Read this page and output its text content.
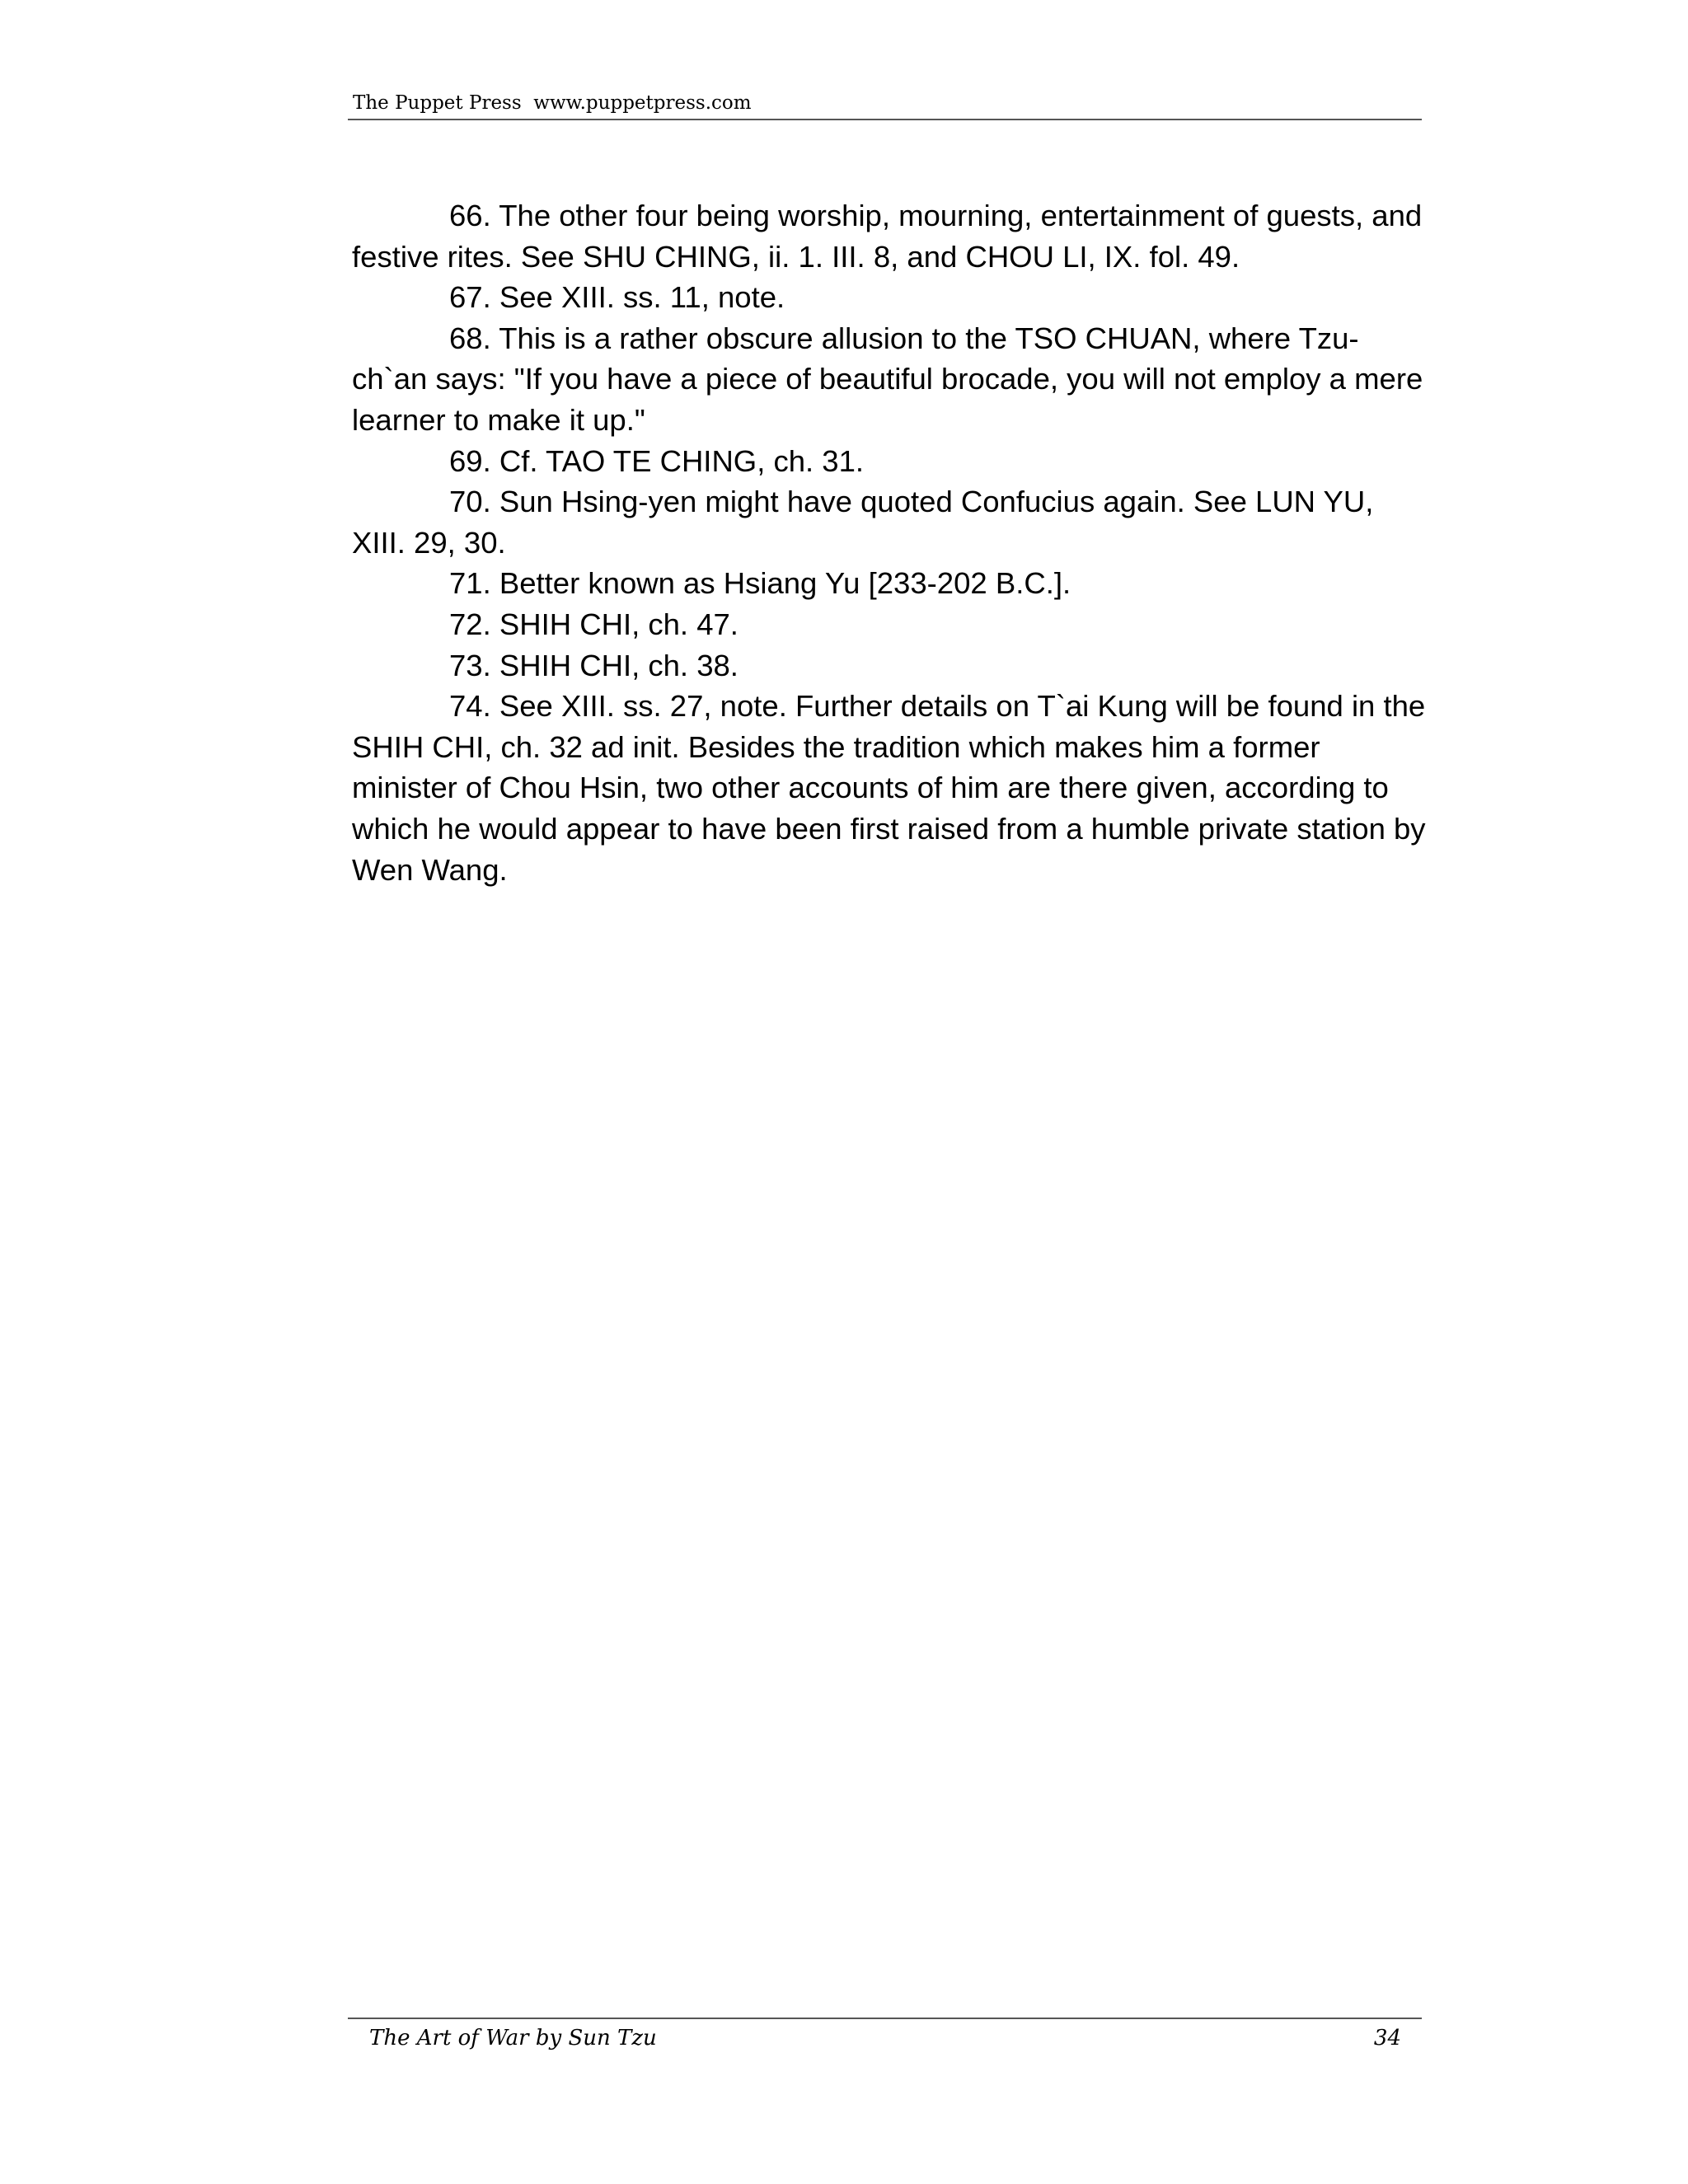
The Puppet Press  www.puppetpress.com

66. The other four being worship, mourning, entertainment of guests, and festive rites. See SHU CHING, ii. 1. III. 8, and CHOU LI, IX. fol. 49.

67. See XIII. ss. 11, note.

68. This is a rather obscure allusion to the TSO CHUAN, where Tzu-ch`an says: "If you have a piece of beautiful brocade, you will not employ a mere learner to make it up."

69. Cf. TAO TE CHING, ch. 31.

70. Sun Hsing-yen might have quoted Confucius again. See LUN YU, XIII. 29, 30.

71. Better known as Hsiang Yu [233-202 B.C.].

72. SHIH CHI, ch. 47.

73. SHIH CHI, ch. 38.

74. See XIII. ss. 27, note. Further details on T`ai Kung will be found in the SHIH CHI, ch. 32 ad init. Besides the tradition which makes him a former minister of Chou Hsin, two other accounts of him are there given, according to which he would appear to have been first raised from a humble private station by Wen Wang.

The Art of War by Sun Tzu	34
